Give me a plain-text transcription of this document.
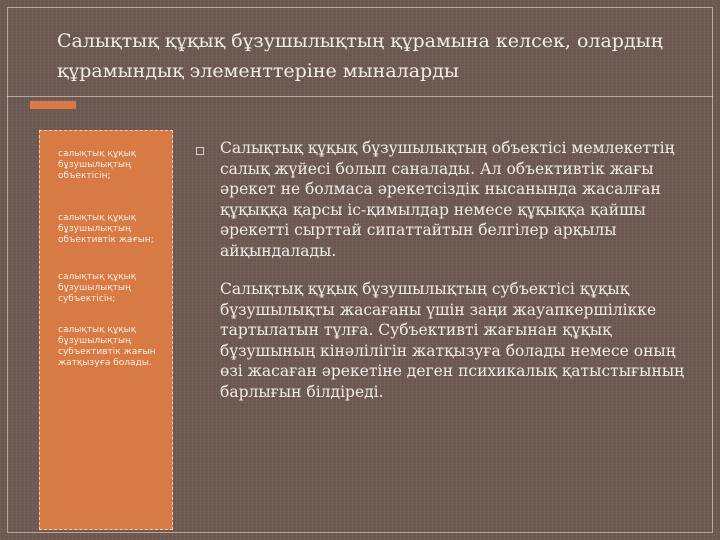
Салықтық құқық бұзушылықтың құрамына келсек, олардың құрамындық элементтеріне мыналарды

салықтық құқық бұзушылықтың объектісін;

салықтық құқық бұзушылықтың объективтік жағын;

салықтық құқық бұзушылықтың субъектісін;

салықтық құқық бұзушылықтың субъективтік жағын жатқызуға болады.

Салықтық құқық бұзушылықтың объектісі мемлекеттің салық жүйесі болып саналады. Ал объективтік жағы әрекет не болмаса әрекетсіздік нысанында жасалған құқыққа қарсы іс-қимылдар немесе құқыққа қайшы әрекетті сырттай сипаттайтын белгілер арқылы айқындалады.
Салықтық құқық бұзушылықтың субъектісі құқық бұзушылықты жасағаны үшін заңи жауапкершілікке тартылатын тұлға. Субъективті жағынан құқық бұзушының кінәлілігін жатқызуға болады немесе оның өзі жасаған әрекетіне деген психикалық қатыстығының барлығын білдіреді.
